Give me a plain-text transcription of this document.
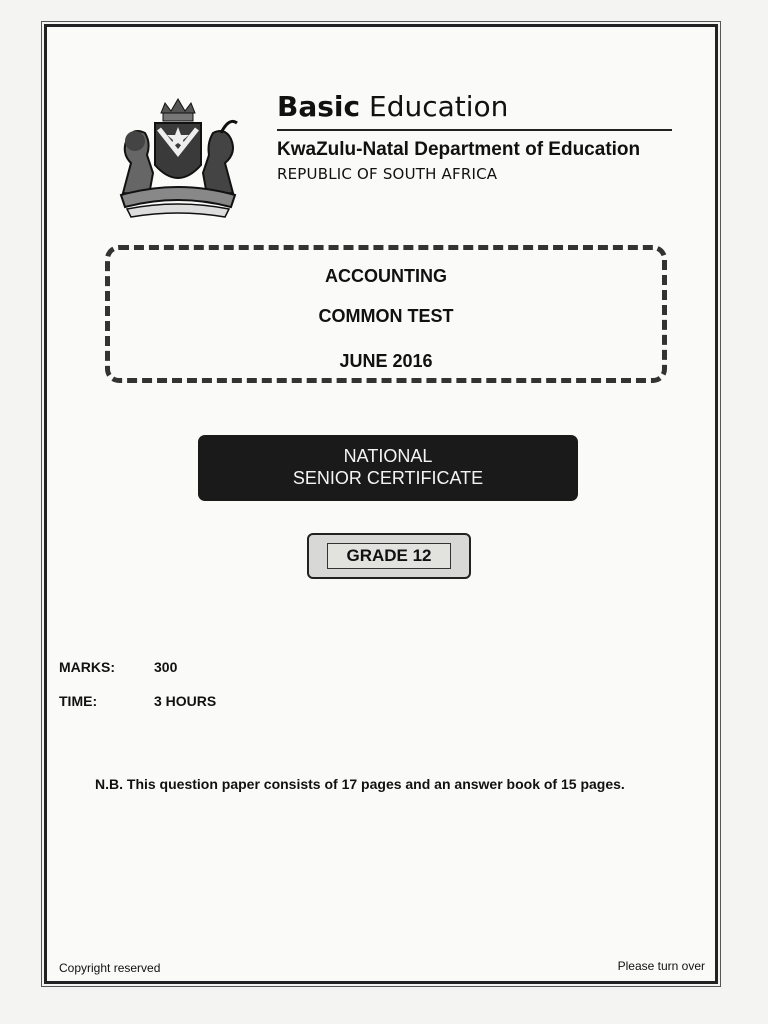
Basic Education
KwaZulu-Natal Department of Education
REPUBLIC OF SOUTH AFRICA
ACCOUNTING
COMMON TEST
JUNE 2016
NATIONAL
SENIOR CERTIFICATE
GRADE 12
MARKS:	300
TIME:	3 HOURS
N.B. This question paper consists of 17 pages and an answer book of 15 pages.
Copyright reserved	Please turn over
